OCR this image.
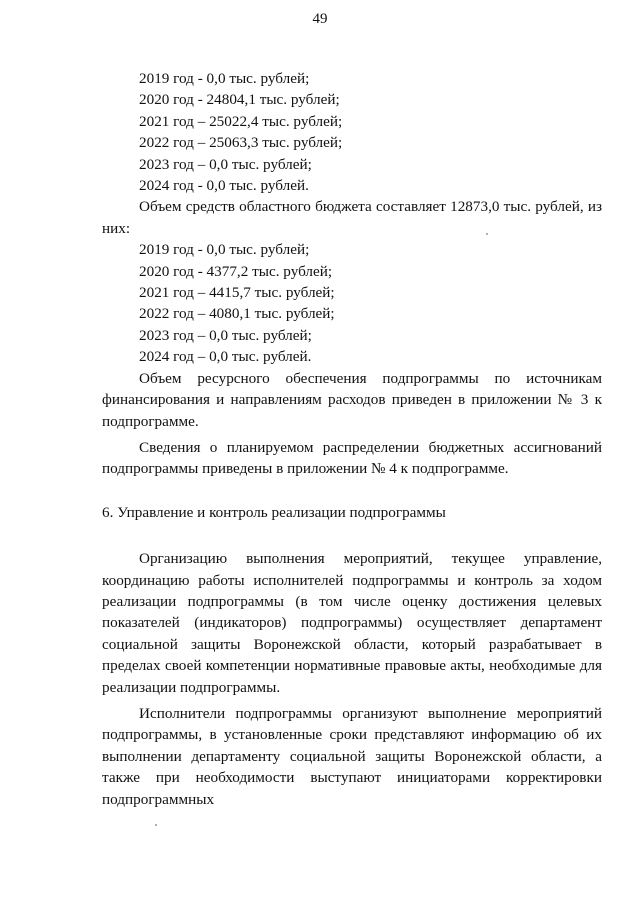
49

2019 год - 0,0 тыс. рублей;

2020 год - 24804,1 тыс. рублей;

2021 год – 25022,4 тыс. рублей;

2022 год – 25063,3 тыс. рублей;

2023 год – 0,0 тыс. рублей;

2024 год - 0,0 тыс. рублей.

Объем средств областного бюджета составляет 12873,0 тыс. рублей, из них:

2019 год - 0,0 тыс. рублей;

2020 год - 4377,2 тыс. рублей;

2021 год – 4415,7 тыс. рублей;

2022 год – 4080,1 тыс. рублей;

2023 год – 0,0 тыс. рублей;

2024 год – 0,0 тыс. рублей.

Объем ресурсного обеспечения подпрограммы по источникам финансирования и направлениям расходов приведен в приложении № 3 к подпрограмме.

Сведения о планируемом распределении бюджетных ассигнований подпрограммы приведены в приложении № 4 к подпрограмме.

6. Управление и контроль реализации подпрограммы

Организацию выполнения мероприятий, текущее управление, координацию работы исполнителей подпрограммы и контроль за ходом реализации подпрограммы (в том числе оценку достижения целевых показателей (индикаторов) подпрограммы) осуществляет департамент социальной защиты Воронежской области, который разрабатывает в пределах своей компетенции нормативные правовые акты, необходимые для реализации подпрограммы.

Исполнители подпрограммы организуют выполнение мероприятий подпрограммы, в установленные сроки представляют информацию об их выполнении департаменту социальной защиты Воронежской области, а также при необходимости выступают инициаторами корректировки подпрограммных
